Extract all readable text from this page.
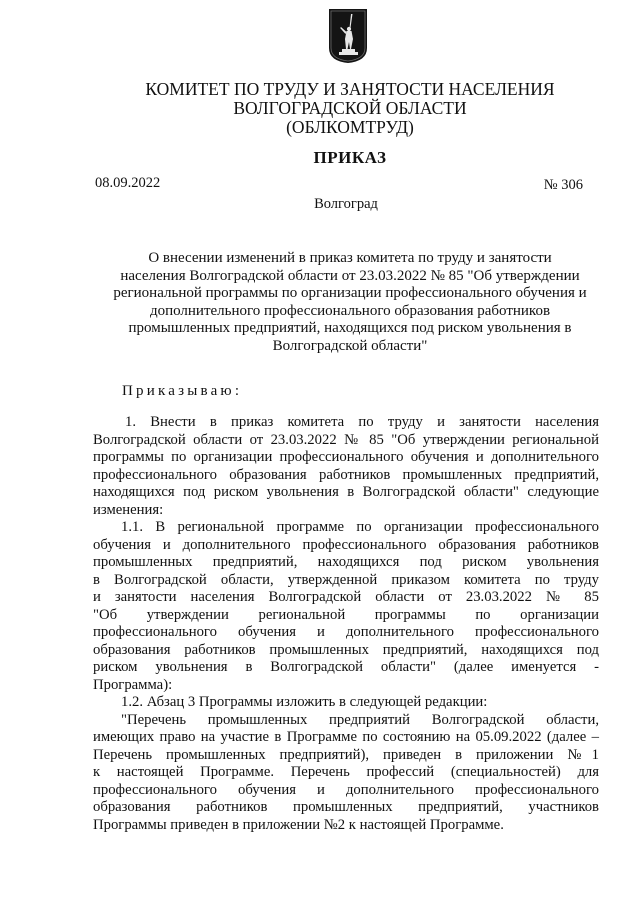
КОМИТЕТ ПО ТРУДУ И ЗАНЯТОСТИ НАСЕЛЕНИЯ
ВОЛГОГРАДСКОЙ ОБЛАСТИ
(ОБЛКОМТРУД)
ПРИКАЗ
08.09.2022	№ 306
Волгоград
О внесении изменений в приказ комитета по труду и занятости
населения Волгоградской области от 23.03.2022 № 85 "Об утверждении
региональной программы по организации профессионального обучения и
дополнительного профессионального образования работников
промышленных предприятий, находящихся под риском увольнения в
Волгоградской области"
Приказываю:
1. Внести в приказ комитета по труду и занятости населения
Волгоградской области от 23.03.2022 № 85 "Об утверждении региональной
программы по организации профессионального обучения и дополнительного
профессионального образования работников промышленных предприятий,
находящихся под риском увольнения в Волгоградской области" следующие
изменения:
1.1. В региональной программе по организации профессионального
обучения и дополнительного профессионального образования работников
промышленных предприятий, находящихся под риском увольнения
в Волгоградской области, утвержденной приказом комитета по труду
и занятости населения Волгоградской области от 23.03.2022 № 85
"Об утверждении региональной программы по организации
профессионального обучения и дополнительного профессионального
образования работников промышленных предприятий, находящихся под
риском увольнения в Волгоградской области" (далее именуется -
Программа):
1.2. Абзац 3 Программы изложить в следующей редакции:
"Перечень промышленных предприятий Волгоградской области,
имеющих право на участие в Программе по состоянию на 05.09.2022 (далее –
Перечень промышленных предприятий), приведен в приложении №1
к настоящей Программе. Перечень профессий (специальностей) для
профессионального обучения и дополнительного профессионального
образования работников промышленных предприятий, участников
Программы приведен в приложении №2 к настоящей Программе.
